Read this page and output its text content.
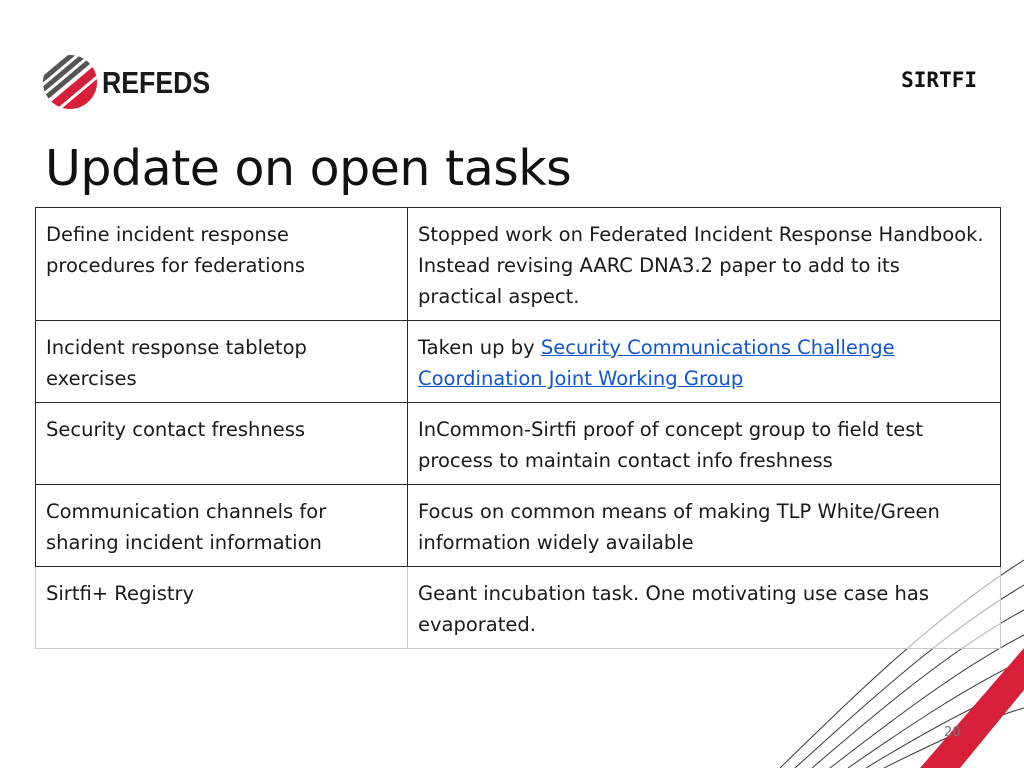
REFEDS	SIRTFI
Update on open tasks
Define incident response procedures for federations	Stopped work on Federated Incident Response Handbook. Instead revising AARC DNA3.2 paper to add to its practical aspect.
Incident response tabletop exercises	Taken up by Security Communications Challenge Coordination Joint Working Group
Security contact freshness	InCommon-Sirtfi proof of concept group to field test process to maintain contact info freshness
Communication channels for sharing incident information	Focus on common means of making TLP White/Green information widely available
Sirtfi+ Registry	Geant incubation task. One motivating use case has evaporated.
20
